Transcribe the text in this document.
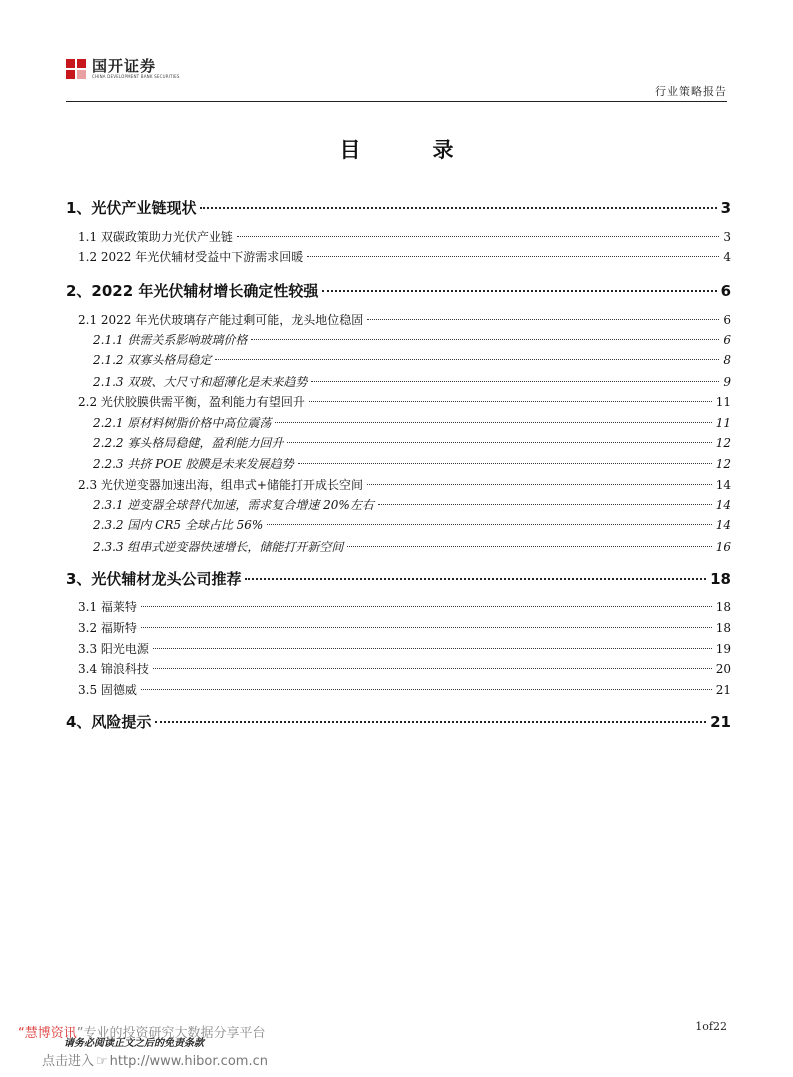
国开证券
CHINA DEVELOPMENT BANK SECURITIES
行业策略报告
目	录
1、光伏产业链现状	3
1.1 双碳政策助力光伏产业链	3
1.2 2022 年光伏辅材受益中下游需求回暖	4
2、2022 年光伏辅材增长确定性较强	6
2.1 2022 年光伏玻璃存产能过剩可能，龙头地位稳固	6
2.1.1 供需关系影响玻璃价格	6
2.1.2 双寡头格局稳定	8
2.1.3 双玻、大尺寸和超薄化是未来趋势	9
2.2 光伏胶膜供需平衡，盈利能力有望回升	11
2.2.1 原材料树脂价格中高位震荡	11
2.2.2 寡头格局稳健，盈利能力回升	12
2.2.3 共挤 POE 胶膜是未来发展趋势	12
2.3 光伏逆变器加速出海，组串式+储能打开成长空间	14
2.3.1 逆变器全球替代加速，需求复合增速 20%左右	14
2.3.2 国内 CR5 全球占比 56%	14
2.3.3 组串式逆变器快速增长，储能打开新空间	16
3、光伏辅材龙头公司推荐	18
3.1 福莱特	18
3.2 福斯特	18
3.3 阳光电源	19
3.4 锦浪科技	20
3.5 固德威	21
4、风险提示	21
1of22
“慧博资讯”专业的投资研究大数据分享平台
请务必阅读正文之后的免责条款
点击进入 ☞ http://www.hibor.com.cn
